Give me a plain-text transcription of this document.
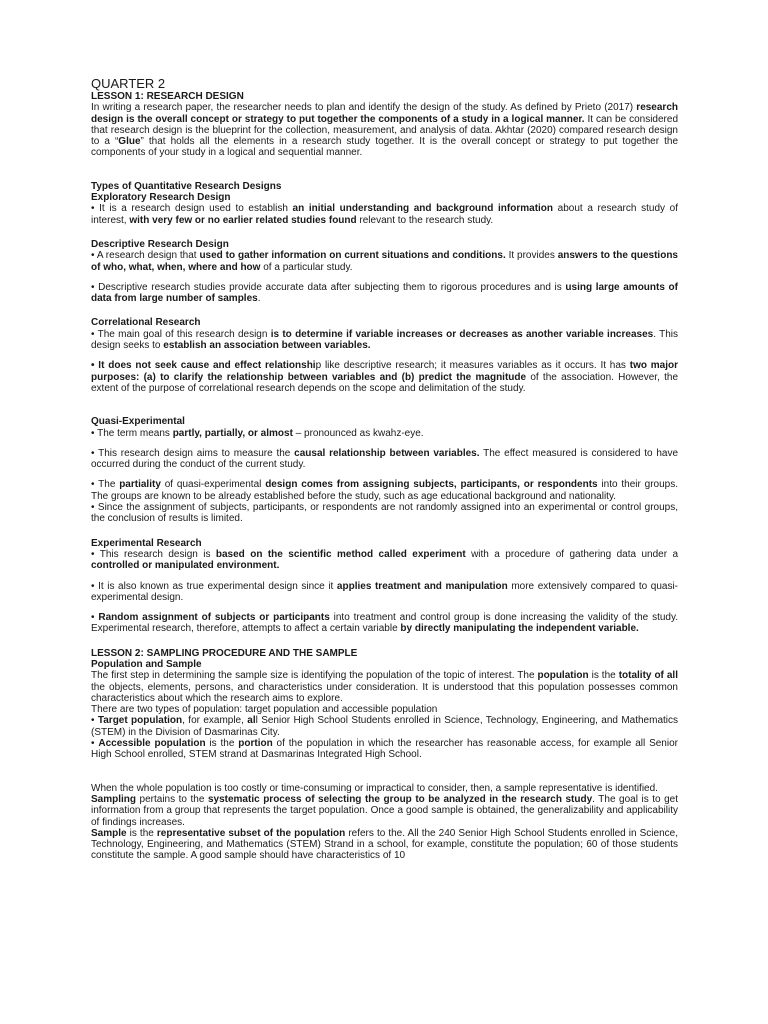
QUARTER 2
LESSON 1: RESEARCH DESIGN

In writing a research paper, the researcher needs to plan and identify the design of the study. As defined by Prieto (2017) research design is the overall concept or strategy to put together the components of a study in a logical manner. It can be considered that research design is the blueprint for the collection, measurement, and analysis of data. Akhtar (2020) compared research design to a “Glue” that holds all the elements in a research study together. It is the overall concept or strategy to put together the components of your study in a logical and sequential manner.

Types of Quantitative Research Designs
Exploratory Research Design

• It is a research design used to establish an initial understanding and background information about a research study of interest, with very few or no earlier related studies found relevant to the research study.

Descriptive Research Design

• A research design that used to gather information on current situations and conditions. It provides answers to the questions of who, what, when, where and how of a particular study.

• Descriptive research studies provide accurate data after subjecting them to rigorous procedures and is using large amounts of data from large number of samples.

Correlational Research

• The main goal of this research design is to determine if variable increases or decreases as another variable increases. This design seeks to establish an association between variables.

• It does not seek cause and effect relationship like descriptive research; it measures variables as it occurs. It has two major purposes: (a) to clarify the relationship between variables and (b) predict the magnitude of the association. However, the extent of the purpose of correlational research depends on the scope and delimitation of the study.

Quasi-Experimental

• The term means partly, partially, or almost – pronounced as kwahz-eye.

• This research design aims to measure the causal relationship between variables. The effect measured is considered to have occurred during the conduct of the current study.

• The partiality of quasi-experimental design comes from assigning subjects, participants, or respondents into their groups. The groups are known to be already established before the study, such as age educational background and nationality.

• Since the assignment of subjects, participants, or respondents are not randomly assigned into an experimental or control groups, the conclusion of results is limited.

Experimental Research

• This research design is based on the scientific method called experiment with a procedure of gathering data under a controlled or manipulated environment.

• It is also known as true experimental design since it applies treatment and manipulation more extensively compared to quasi-experimental design.

• Random assignment of subjects or participants into treatment and control group is done increasing the validity of the study. Experimental research, therefore, attempts to affect a certain variable by directly manipulating the independent variable.

LESSON 2: SAMPLING PROCEDURE AND THE SAMPLE
Population and Sample

The first step in determining the sample size is identifying the population of the topic of interest. The population is the totality of all the objects, elements, persons, and characteristics under consideration. It is understood that this population possesses common characteristics about which the research aims to explore.

There are two types of population: target population and accessible population

• Target population, for example, all Senior High School Students enrolled in Science, Technology, Engineering, and Mathematics (STEM) in the Division of Dasmarinas City.

• Accessible population is the portion of the population in which the researcher has reasonable access, for example all Senior High School enrolled, STEM strand at Dasmarinas Integrated High School.

When the whole population is too costly or time-consuming or impractical to consider, then, a sample representative is identified.

Sampling pertains to the systematic process of selecting the group to be analyzed in the research study. The goal is to get information from a group that represents the target population. Once a good sample is obtained, the generalizability and applicability of findings increases.

Sample is the representative subset of the population refers to the. All the 240 Senior High School Students enrolled in Science, Technology, Engineering, and Mathematics (STEM) Strand in a school, for example, constitute the population; 60 of those students constitute the sample. A good sample should have characteristics of 10
